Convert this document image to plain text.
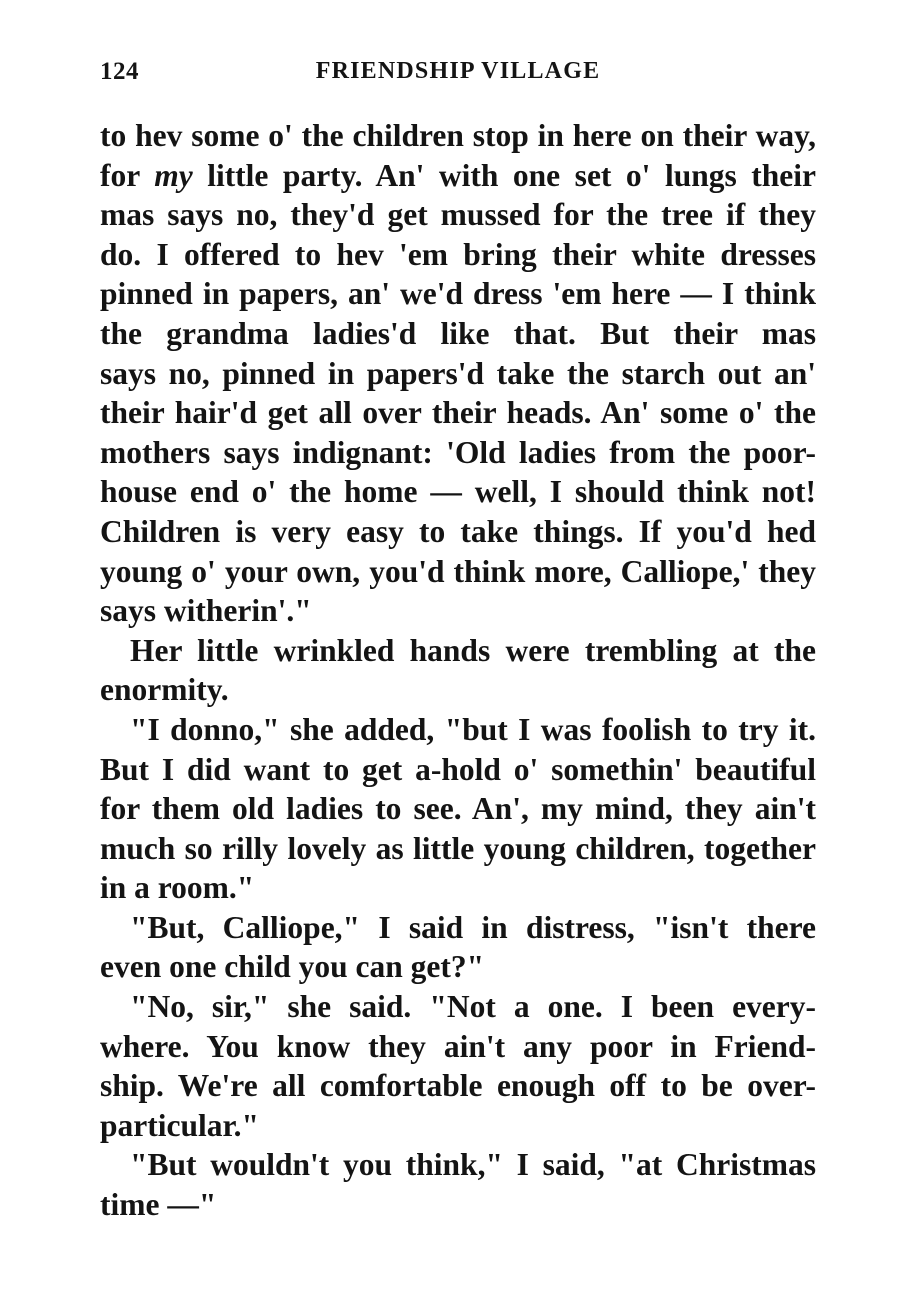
124	FRIENDSHIP VILLAGE
to hev some o' the children stop in here on their way,
for my little party. An' with one set o' lungs their
mas says no, they'd get mussed for the tree if they
do. I offered to hev 'em bring their white dresses
pinned in papers, an' we'd dress 'em here — I think
the grandma ladies'd like that. But their mas
says no, pinned in papers'd take the starch out an'
their hair'd get all over their heads. An' some o' the
mothers says indignant: 'Old ladies from the poor-
house end o' the home — well, I should think not!
Children is very easy to take things. If you'd hed
young o' your own, you'd think more, Calliope,' they
says witherin'."
Her little wrinkled hands were trembling at the
enormity.
"I donno," she added, "but I was foolish to try it.
But I did want to get a-hold o' somethin' beautiful
for them old ladies to see. An', my mind, they ain't
much so rilly lovely as little young children, together
in a room."
"But, Calliope," I said in distress, "isn't there
even one child you can get?"
"No, sir," she said. "Not a one. I been every-
where. You know they ain't any poor in Friend-
ship. We're all comfortable enough off to be over-
particular."
"But wouldn't you think," I said, "at Christmas
time —"
